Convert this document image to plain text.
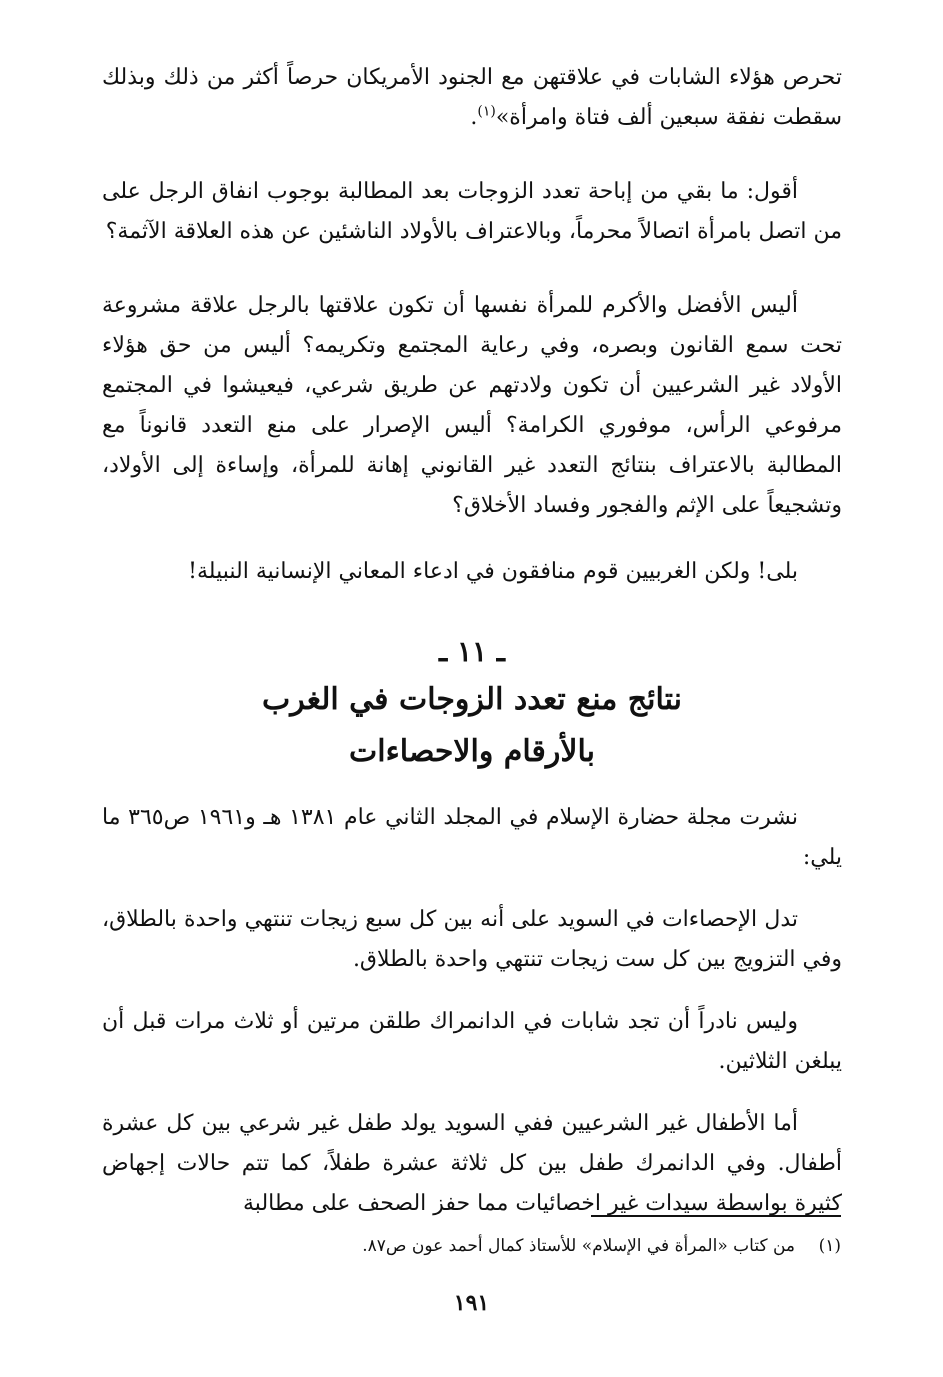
تحرص هؤلاء الشابات في علاقتهن مع الجنود الأمريكان حرصاً أكثر من ذلك وبذلك سقطت نفقة سبعين ألف فتاة وامرأة»$^{(١)}$.

أقول: ما بقي من إباحة تعدد الزوجات بعد المطالبة بوجوب انفاق الرجل على من اتصل بامرأة اتصالاً محرماً، وبالاعتراف بالأولاد الناشئين عن هذه العلاقة الآثمة؟

أليس الأفضل والأكرم للمرأة نفسها أن تكون علاقتها بالرجل علاقة مشروعة تحت سمع القانون وبصره، وفي رعاية المجتمع وتكريمه؟ أليس من حق هؤلاء الأولاد غير الشرعيين أن تكون ولادتهم عن طريق شرعي، فيعيشوا في المجتمع مرفوعي الرأس، موفوري الكرامة؟ أليس الإصرار على منع التعدد قانوناً مع المطالبة بالاعتراف بنتائج التعدد غير القانوني إهانة للمرأة، وإساءة إلى الأولاد، وتشجيعاً على الإثم والفجور وفساد الأخلاق؟

بلى! ولكن الغربيين قوم منافقون في ادعاء المعاني الإنسانية النبيلة!

ـ ١١ ـ
نتائج منع تعدد الزوجات في الغرب
بالأرقام والاحصاءات

نشرت مجلة حضارة الإسلام في المجلد الثاني عام ١٣٨١ هـ و١٩٦١ ص٣٦٥ ما يلي:

تدل الإحصاءات في السويد على أنه بين كل سبع زيجات تنتهي واحدة بالطلاق، وفي التزويج بين كل ست زيجات تنتهي واحدة بالطلاق.

وليس نادراً أن تجد شابات في الدانمراك طلقن مرتين أو ثلاث مرات قبل أن يبلغن الثلاثين.

أما الأطفال غير الشرعيين ففي السويد يولد طفل غير شرعي بين كل عشرة أطفال. وفي الدانمرك طفل بين كل ثلاثة عشرة طفلاً، كما تتم حالات إجهاض كثيرة بواسطة سيدات غير اخصائيات مما حفز الصحف على مطالبة

(١)من كتاب «المرأة في الإسلام» للأستاذ كمال أحمد عون ص٨٧.
١٩١
